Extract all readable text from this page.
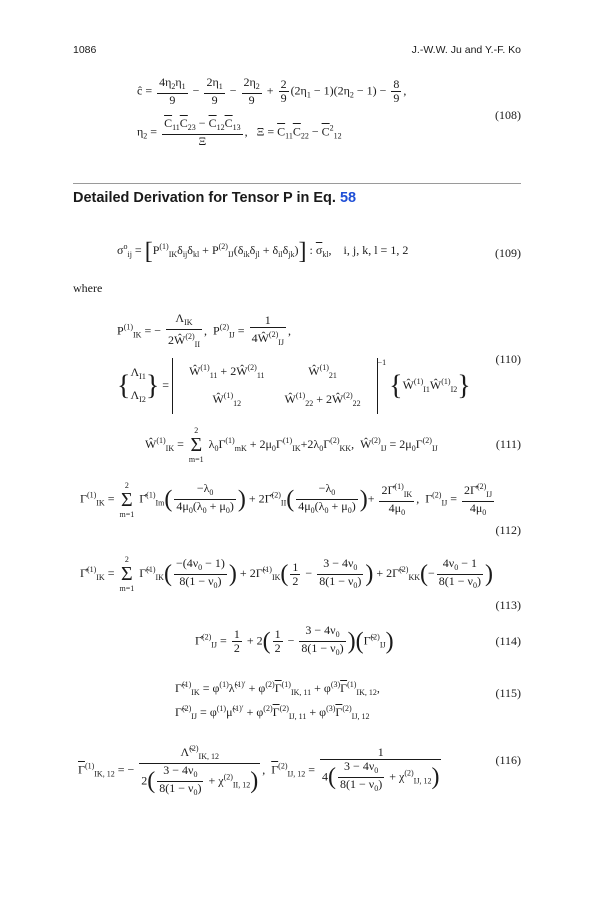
1086	J.-W.W. Ju and Y.-F. Ko
ĉ = $\frac{4\eta_2\eta_1}{9} - \frac{2\eta_1}{9} - \frac{2\eta_2}{9} + \frac{2}{9} (2\eta_1 - 1)(2\eta_2 - 1) - \frac{8}{9}$ ,
$\eta_2 = \frac{\overline{C}_{11}\overline{C}_{23} - \overline{C}_{12}\overline{C}_{13}}{\Xi}$ ,   $\Xi = \overline{C}_{11}\overline{C}_{22} - \overline{C}^2_{12}$
(108)
Detailed Derivation for Tensor P in Eq. 58
$\sigma^o_{ij} = [P^{(1)}_{IK}\delta_{ij}\delta_{kl} + P^{(2)}_{IJ}(\delta_{ik}\delta_{jl} + \delta_{il}\delta_{jk})]$ : $\overline{\sigma}_{kl}$,    i, j, k, l = 1, 2	(109)
where
$P^{(1)}_{IK}$ = − $\frac{\Lambda_{IK}}{2Ŵ^{(2)}_{II}}$ ,  $P^{(2)}_{IJ} = \frac{1}{4Ŵ^{(2)}_{IJ}}$ ,
{$\Lambda_{I1}$
$\Lambda_{I2}$} =
$Ŵ^{(1)}_{11}$ + $2Ŵ^{(2)}_{11}$	$Ŵ^{(1)}_{21}$
$Ŵ^{(1)}_{12}$	$Ŵ^{(1)}_{22}$ + $2Ŵ^{(2)}_{22}$
$^{-1}$ $\{Ŵ^{(1)}_{I1}Ŵ^{(1)}_{I2}\}$
(110)
$Ŵ^{(1)}_{IK} = 2$
Σ
m=1 $\lambda_0\Gamma^{(1)}_{mK} + 2\mu_0\Gamma^{(1)}_{IK}+2\lambda_0\Gamma^{(2)}_{KK}$,  $Ŵ^{(2)}_{IJ} = 2\mu_0\Gamma^{(2)}_{IJ}$	(111)
$\Gamma^{(1)}_{IK} = 2$
Σ
m=1 Γ̂$^{(1)}_{Im}$( $\frac{-\lambda_0}{4\mu_0(\lambda_0 + \mu_0)}$ ) + 2Γ̂$^{(2)}_{II}$( $\frac{-\lambda_0}{4\mu_0(\lambda_0 + \mu_0)}$ )+ $\frac{2\Gammâ^{(1)}_{IK}}{4\mu_0}$ ,  $\Gamma^{(2)}_{IJ} = \frac{2\Gammâ^{(2)}_{IJ}}{4\mu_0}$
(112)
Γ̂$^{(1)}_{IK}$ = 2
Σ
m=1 Γ̃$^{(1)}_{IK}$( $\frac{-(4\nu_0 - 1)}{8(1 - \nu_0)}$ ) + 2Γ̃$^{(1)}_{IK}$( $\frac{1}{2} - \frac{3 - 4\nu_0}{8(1 - \nu_0)}$ ) + 2Γ̃$^{(2)}_{KK}$(− $\frac{4\nu_0 - 1}{8(1 - \nu_0)}$ )
(113)
Γ̂$^{(2)}_{IJ}$ = $\frac{1}{2} + 2( \frac{1}{2} - \frac{3 - 4\nu_0}{8(1 - \nu_0)}$ )(Γ̃$^{(2)}_{IJ}$)	(114)
Γ̃$^{(1)}_{IK}$ = $\varphi^{(1)}\lambdã^{(1)'} + \varphi^{(2)}\overline{\Gamma}^{(1)}_{IK, 11} + \varphi^{(3)}\overline{\Gamma}^{(1)}_{IK, 12}$,
Γ̃$^{(2)}_{IJ}$ = $\varphi^{(1)}\mũ^{(1)'} + \varphi^{(2)}\overline{\Gamma}^{(2)}_{IJ, 11} + \varphi^{(3)}\overline{\Gamma}^{(2)}_{IJ, 12}$
(115)
$\overline{\Gamma}^{(1)}_{IK, 12}$ = − $\frac{\Lambdã^{(2)}_{IK, 12}}{2( \frac{3 - 4\nu_0}{8(1 - \nu_0)} + \chi^{(2)}_{II, 12})}$ ,  $\overline{\Gamma}^{(2)}_{IJ, 12} = \frac{1}{4( \frac{3 - 4\nu_0}{8(1 - \nu_0)} + \chi^{(2)}_{IJ, 12})}$	(116)
